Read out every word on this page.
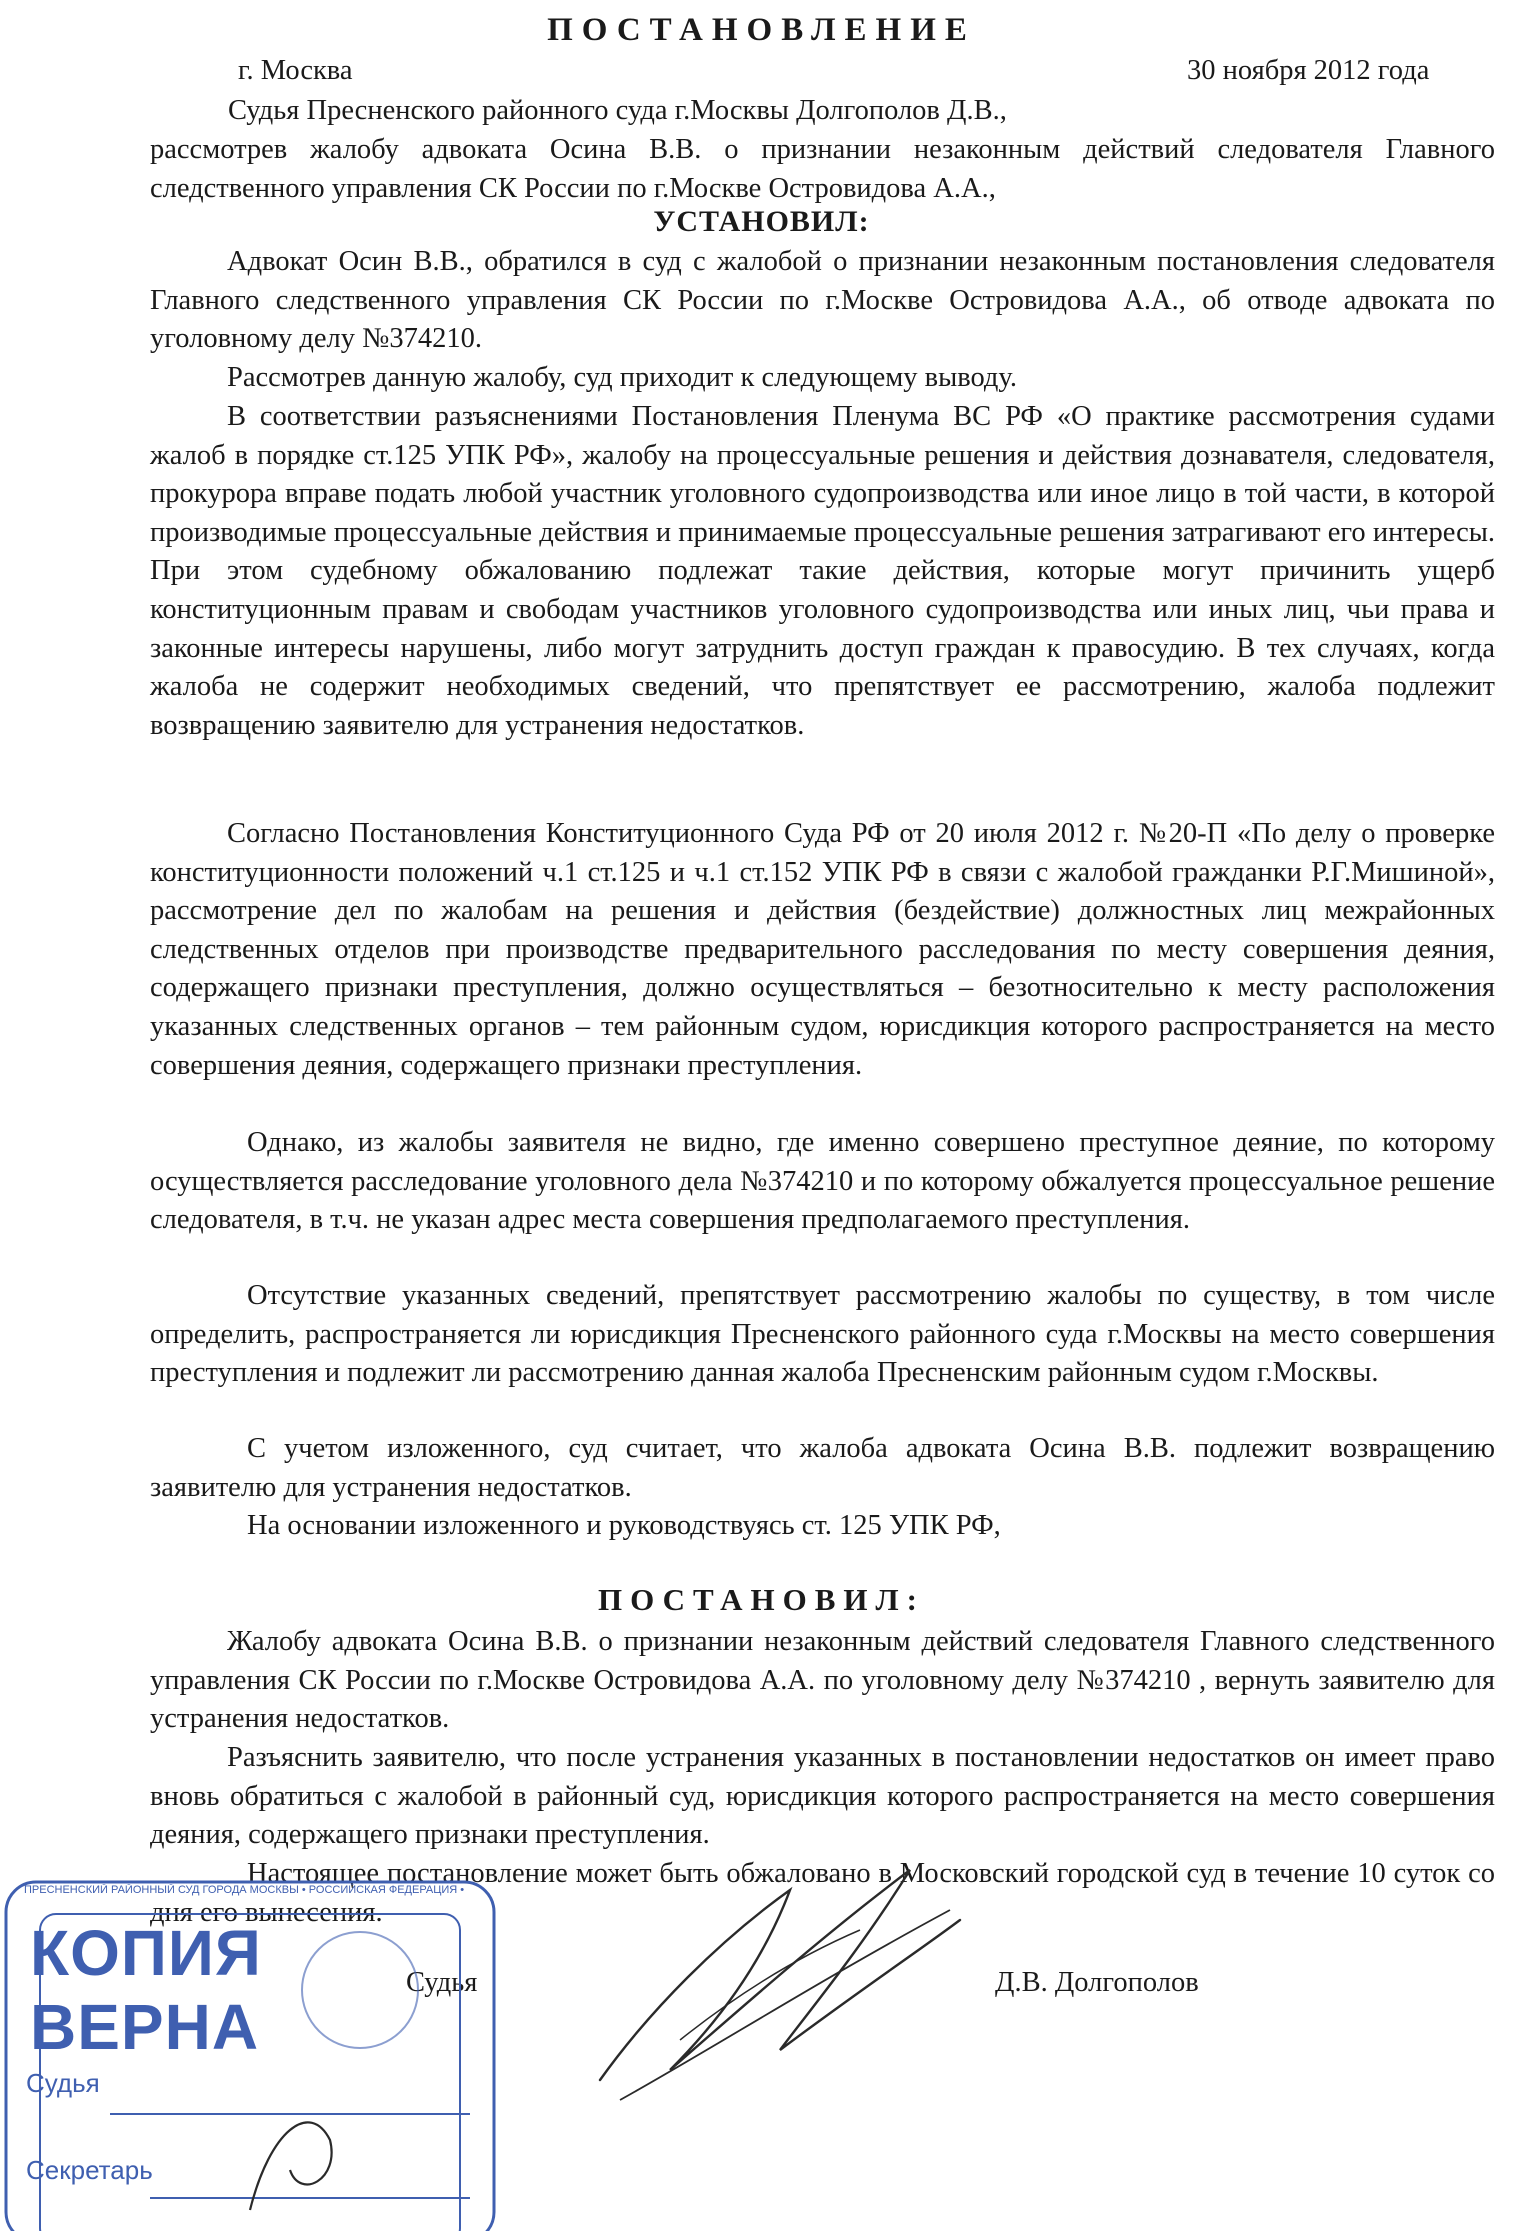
ПОСТАНОВЛЕНИЕ
г. Москва	30 ноября 2012 года
Судья Пресненского районного суда г.Москвы Долгополов Д.В.,
рассмотрев жалобу адвоката Осина В.В. о признании незаконным действий следователя Главного следственного управления СК России по г.Москве Островидова А.А.,
УСТАНОВИЛ:
Адвокат Осин В.В., обратился в суд с жалобой о признании незаконным постановления следователя Главного следственного управления СК России по г.Москве Островидова А.А., об отводе адвоката по уголовному делу №374210.
Рассмотрев данную жалобу, суд приходит к следующему выводу.
В соответствии разъяснениями Постановления Пленума ВС РФ «О практике рассмотрения судами жалоб в порядке ст.125 УПК РФ», жалобу на процессуальные решения и действия дознавателя, следователя, прокурора вправе подать любой участник уголовного судопроизводства или иное лицо в той части, в которой производимые процессуальные действия и принимаемые процессуальные решения затрагивают его интересы. При этом судебному обжалованию подлежат такие действия, которые могут причинить ущерб конституционным правам и свободам участников уголовного судопроизводства или иных лиц, чьи права и законные интересы нарушены, либо могут затруднить доступ граждан к правосудию. В тех случаях, когда жалоба не содержит необходимых сведений, что препятствует ее рассмотрению, жалоба подлежит возвращению заявителю для устранения недостатков.
Согласно Постановления Конституционного Суда РФ от 20 июля 2012 г. №20-П «По делу о проверке конституционности положений ч.1 ст.125 и ч.1 ст.152 УПК РФ в связи с жалобой гражданки Р.Г.Мишиной», рассмотрение дел по жалобам на решения и действия (бездействие) должностных лиц межрайонных следственных отделов при производстве предварительного расследования по месту совершения деяния, содержащего признаки преступления, должно осуществляться – безотносительно к месту расположения указанных следственных органов – тем районным судом, юрисдикция которого распространяется на место совершения деяния, содержащего признаки преступления.
Однако, из жалобы заявителя не видно, где именно совершено преступное деяние, по которому осуществляется расследование уголовного дела №374210 и по которому обжалуется процессуальное решение следователя, в т.ч. не указан адрес места совершения предполагаемого преступления.
Отсутствие указанных сведений, препятствует рассмотрению жалобы по существу, в том числе определить, распространяется ли юрисдикция Пресненского районного суда г.Москвы на место совершения преступления и подлежит ли рассмотрению данная жалоба Пресненским районным судом г.Москвы.
С учетом изложенного, суд считает, что жалоба адвоката Осина В.В. подлежит возвращению заявителю для устранения недостатков.
На основании изложенного и руководствуясь ст. 125 УПК РФ,
ПОСТАНОВИЛ:
Жалобу адвоката Осина В.В. о признании незаконным действий следователя Главного следственного управления СК России по г.Москве Островидова А.А. по уголовному делу №374210 , вернуть заявителю для устранения недостатков.
Разъяснить заявителю, что после устранения указанных в постановлении недостатков он имеет право вновь обратиться с жалобой в районный суд, юрисдикция которого распространяется на место совершения деяния, содержащего признаки преступления.
Настоящее постановление может быть обжаловано в Московский городской суд в течение 10 суток со дня его вынесения.
Судья	Д.В. Долгополов
ПРЕСНЕНСКИЙ РАЙОННЫЙ СУД ГОРОДА МОСКВЫ • РОССИЙСКАЯ ФЕДЕРАЦИЯ •
КОПИЯ ВЕРНА
Судья
Секретарь
